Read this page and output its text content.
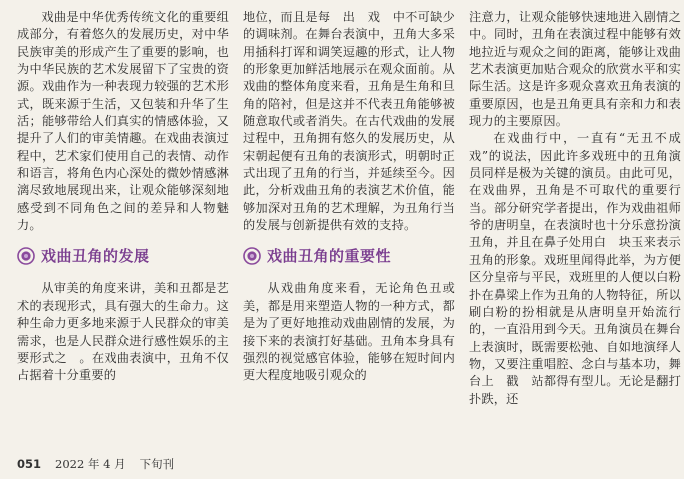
戏曲是中华优秀传统文化的重要组成部分，有着悠久的发展历史，对中华民族审美的形成产生了重要的影响，也为中华民族的艺术发展留下了宝贵的资源。戏曲作为一种表现力较强的艺术形式，既来源于生活，又包装和升华了生活；能够带给人们真实的情感体验，又提升了人们的审美情趣。在戏曲表演过程中，艺术家们使用自己的表情、动作和语言，将角色内心深处的微妙情感淋漓尽致地展现出来，让观众能够深刻地感受到不同角色之间的差异和人物魅力。

戏曲丑角的发展

从审美的角度来讲，美和丑都是艺术的表现形式，具有强大的生命力。这种生命力更多地来源于人民群众的审美需求，也是人民群众进行感性娱乐的主要形式之　。在戏曲表演中，丑角不仅占据着十分重要的

地位，而且是每　出　戏　中不可缺少的调味剂。在舞台表演中，丑角大多采用插科打诨和调笑逗趣的形式，让人物的形象更加鲜活地展示在观众面前。从戏曲的整体角度来看，丑角是生角和旦角的陪衬，但是这并不代表丑角能够被随意取代或者消失。在古代戏曲的发展过程中，丑角拥有悠久的发展历史，从宋朝起便有丑角的表演形式，明朝时正式出现了丑角的行当，并延续至今。因此，分析戏曲丑角的表演艺术价值，能够加深对丑角的艺术理解，为丑角行当的发展与创新提供有效的支持。

戏曲丑角的重要性

从戏曲角度来看，无论角色丑或美，都是用来塑造人物的一种方式，都是为了更好地推动戏曲剧情的发展，为接下来的表演打好基础。丑角本身具有强烈的视觉感官体验，能够在短时间内更大程度地吸引观众的

注意力，让观众能够快速地进入剧情之中。同时，丑角在表演过程中能够有效地拉近与观众之间的距离，能够让戏曲艺术表演更加贴合观众的欣赏水平和实际生活。这是许多观众喜欢丑角表演的重要原因，也是丑角更具有亲和力和表现力的主要原因。

在戏曲行中，一直有“无丑不成戏”的说法，因此许多戏班中的丑角演员同样是极为关键的演员。由此可见，在戏曲界，丑角是不可取代的重要行当。部分研究学者提出，作为戏曲祖师爷的唐明皇，在表演时也十分乐意扮演丑角，并且在鼻子处用白　块玉来表示丑角的形象。戏班里闻得此举，为方便区分皇帝与平民，戏班里的人便以白粉扑在鼻梁上作为丑角的人物特征，所以刷白粉的扮相就是从唐明皇开始流行的，一直沿用到今天。丑角演员在舞台上表演时，既需要松弛、自如地演绎人物，又要注重唱腔、念白与基本功，舞台上　戳　站都得有型儿。无论是翻打扑跌，还

051 2022 年 4 月 下旬刊
